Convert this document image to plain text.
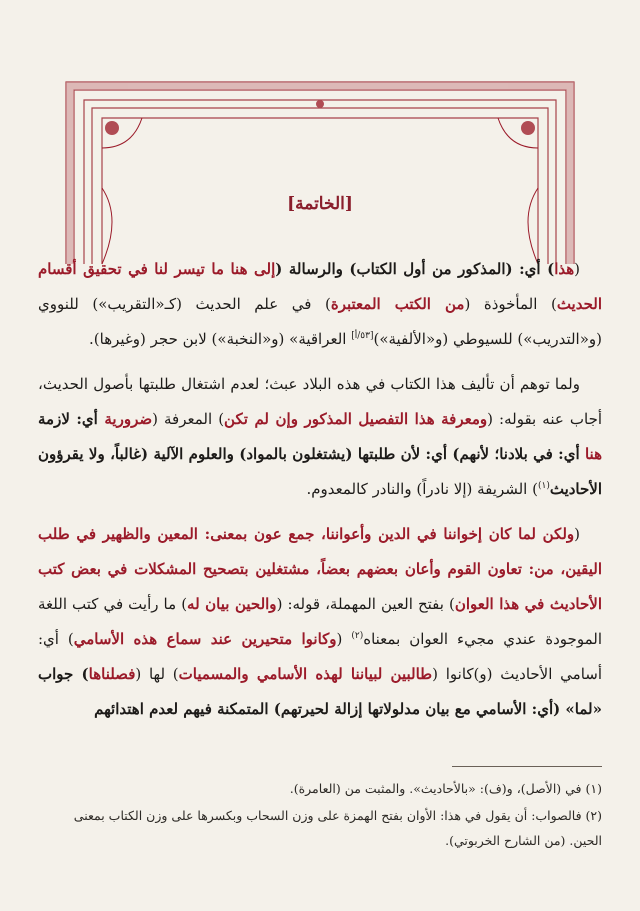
[الخاتمة]

(هذا) أي: (المذكور من أول الكتاب) والرسالة (إلى هنا ما تيسر لنا في تحقيق أقسام الحديث) المأخوذة (من الكتب المعتبرة) في علم الحديث (كـ«التقريب») للنووي (و«التدريب») للسيوطي (و«الألفية»)[٥٣/أ] العراقية» (و«النخبة») لابن حجر (وغيرها).

ولما توهم أن تأليف هذا الكتاب في هذه البلاد عبث؛ لعدم اشتغال طلبتها بأصول الحديث، أجاب عنه بقوله: (ومعرفة هذا التفصيل المذكور وإن لم تكن) المعرفة (ضرورية أي: لازمة هنا أي: في بلادنا؛ لأنهم) أي: لأن طلبتها (يشتغلون بالمواد) والعلوم الآلية (غالباً، ولا يقرؤون الأحاديث$^{(١)}$) الشريفة (إلا نادراً) والنادر كالمعدوم.

(ولكن لما كان إخواننا في الدين وأعواننا، جمع عون بمعنى: المعين والظهير في طلب اليقين، من: تعاون القوم وأعان بعضهم بعضاً، مشتغلين بتصحيح المشكلات في بعض كتب الأحاديث في هذا العوان) بفتح العين المهملة، قوله: (والحين بيان له) ما رأيت في كتب اللغة الموجودة عندي مجيء العوان بمعناه$^{(٢)}$ (وكانوا متحيرين عند سماع هذه الأسامي) أي: أسامي الأحاديث (و)كانوا (طالبين لبياننا لهذه الأسامي والمسميات) لها (فصلناها) جواب «لما» (أي: الأسامي مع بيان مدلولاتها إزالة لحيرتهم) المتمكنة فيهم لعدم اهتدائهم

(١) في (الأصل)، و(ف): «بالأحاديث». والمثبت من (العامرة).

(٢) فالصواب: أن يقول في هذا: الأوان بفتح الهمزة على وزن السحاب وبكسرها على وزن الكتاب بمعنى الحين. (من الشارح الخربوتي).
